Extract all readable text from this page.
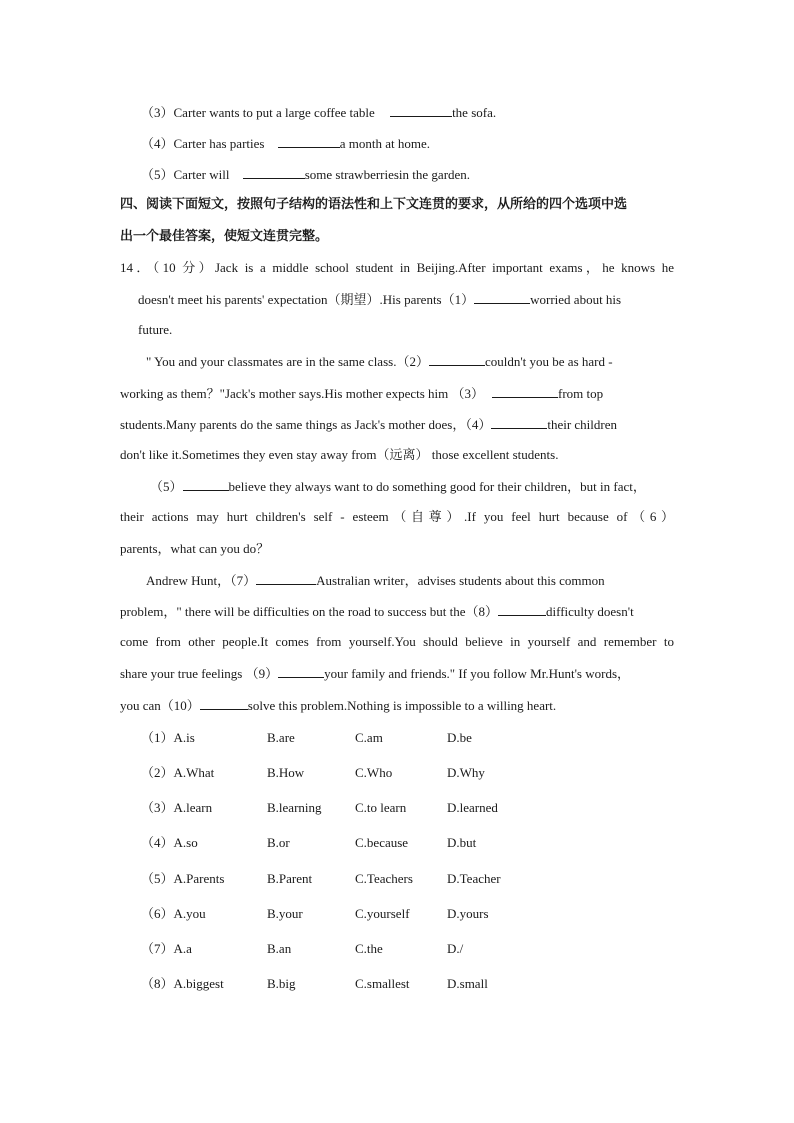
（3）Carter wants to put a large coffee table	the sofa.
（4）Carter has parties	a month at home.
（5）Carter will	some strawberriesin the garden.
四、阅读下面短文，按照句子结构的语法性和上下文连贯的要求，从所给的四个选项中选
出一个最佳答案，使短文连贯完整。
14．（10 分）Jack is a middle school student in Beijing.After important exams，he knows he
doesn't meet his parents' expectation（期望）.His parents（1）	worried about his
future.
" You and your classmates are in the same class.（2）	couldn't you be as hard -
working as them？"Jack's mother says.His mother expects him （3）	from top
students.Many parents do the same things as Jack's mother does，（4）	their children
don't like it.Sometimes they even stay away from（远离） those excellent students.
（5）	believe they always want to do something good for their children，but in fact，
their actions may hurt children's self - esteem（自尊）.If you feel hurt because of（6）
parents，what can you do？
Andrew Hunt，（7）	Australian writer，advises students about this common
problem，" there will be difficulties on the road to success but the（8）	difficulty doesn't
come from other people.It comes from yourself.You should believe in yourself and remember to
share your true feelings （9）	your family and friends." If you follow Mr.Hunt's words，
you can（10）	solve this problem.Nothing is impossible to a willing heart.
（1）A.is	B.are	C.am	D.be
（2）A.What	B.How	C.Who	D.Why
（3）A.learn	B.learning	C.to learn	D.learned
（4）A.so	B.or	C.because	D.but
（5）A.Parents	B.Parent	C.Teachers	D.Teacher
（6）A.you	B.your	C.yourself	D.yours
（7）A.a	B.an	C.the	D./
（8）A.biggest	B.big	C.smallest	D.small
